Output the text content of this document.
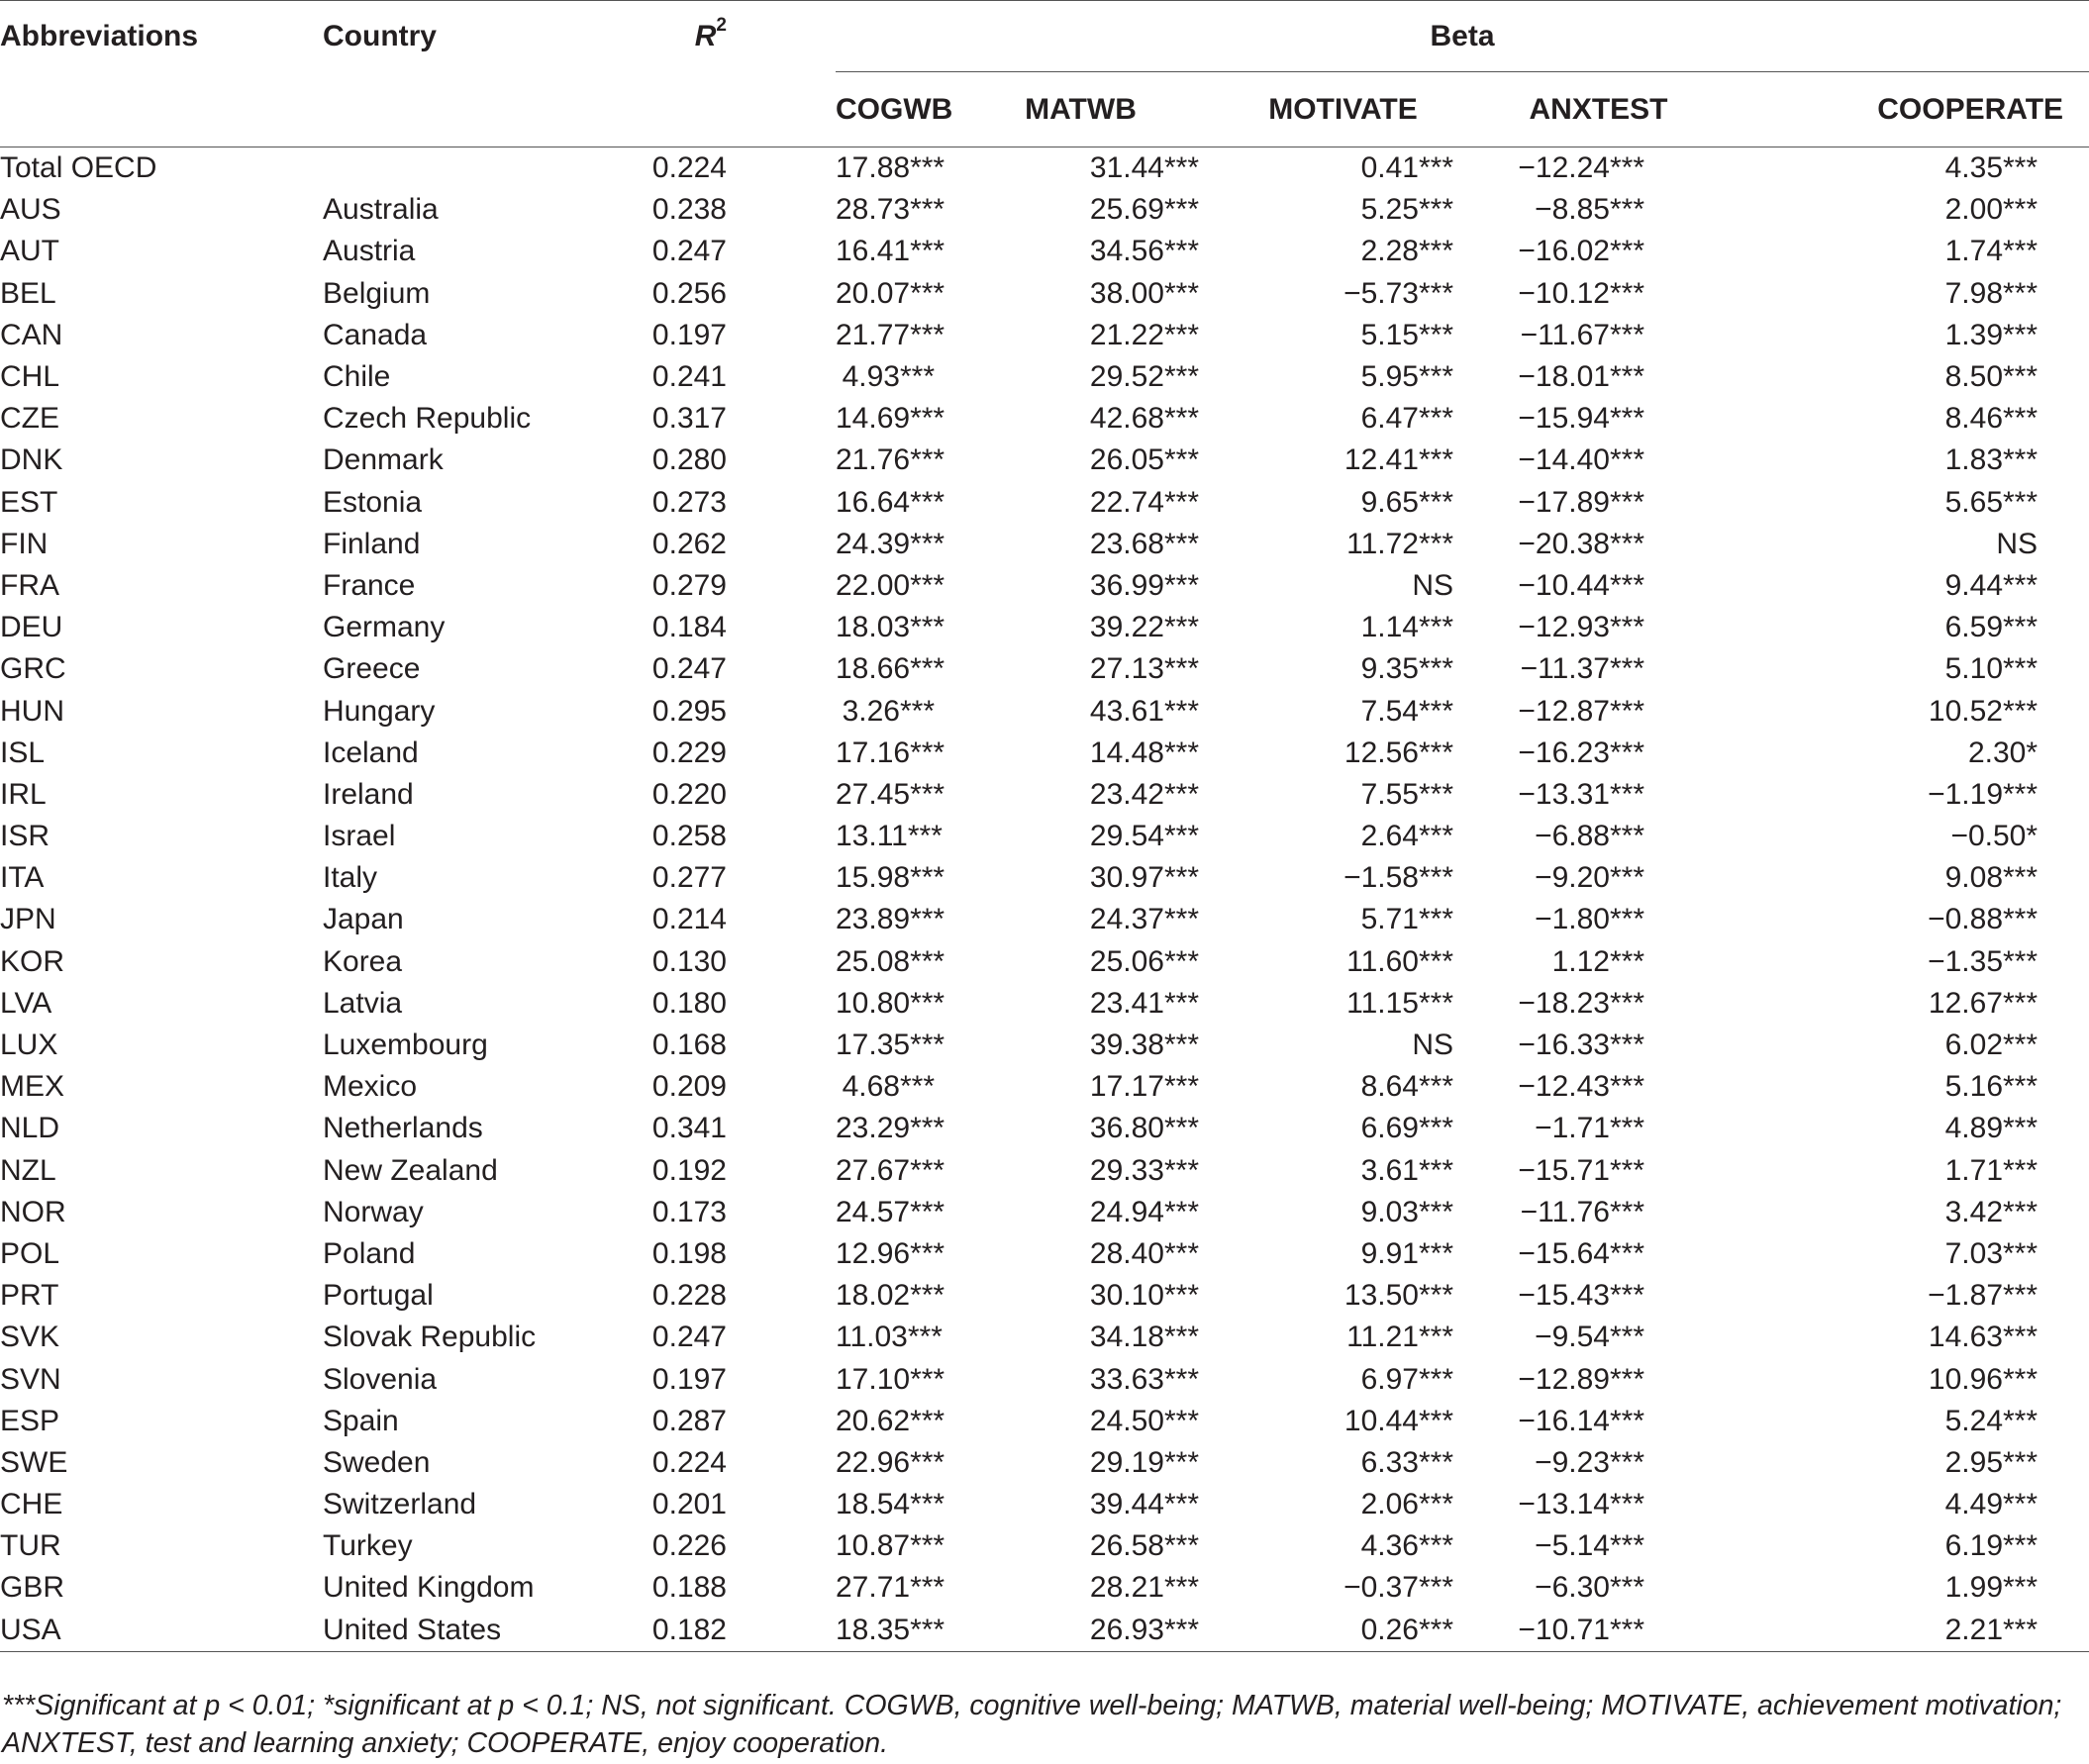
Abbreviations	Country	$R^2$		Beta				
				COGWB	MATWB	MOTIVATE	ANXTEST	COOPERATE
Total OECD		0.224		17.88***	31.44***	0.41***	−12.24***	4.35***
AUS	Australia	0.238		28.73***	25.69***	5.25***	−8.85***	2.00***
AUT	Austria	0.247		16.41***	34.56***	2.28***	−16.02***	1.74***
BEL	Belgium	0.256		20.07***	38.00***	−5.73***	−10.12***	7.98***
CAN	Canada	0.197		21.77***	21.22***	5.15***	−11.67***	1.39***
CHL	Chile	0.241		4.93***	29.52***	5.95***	−18.01***	8.50***
CZE	Czech Republic	0.317		14.69***	42.68***	6.47***	−15.94***	8.46***
DNK	Denmark	0.280		21.76***	26.05***	12.41***	−14.40***	1.83***
EST	Estonia	0.273		16.64***	22.74***	9.65***	−17.89***	5.65***
FIN	Finland	0.262		24.39***	23.68***	11.72***	−20.38***	NS
FRA	France	0.279		22.00***	36.99***	NS	−10.44***	9.44***
DEU	Germany	0.184		18.03***	39.22***	1.14***	−12.93***	6.59***
GRC	Greece	0.247		18.66***	27.13***	9.35***	−11.37***	5.10***
HUN	Hungary	0.295		3.26***	43.61***	7.54***	−12.87***	10.52***
ISL	Iceland	0.229		17.16***	14.48***	12.56***	−16.23***	2.30*
IRL	Ireland	0.220		27.45***	23.42***	7.55***	−13.31***	−1.19***
ISR	Israel	0.258		13.11***	29.54***	2.64***	−6.88***	−0.50*
ITA	Italy	0.277		15.98***	30.97***	−1.58***	−9.20***	9.08***
JPN	Japan	0.214		23.89***	24.37***	5.71***	−1.80***	−0.88***
KOR	Korea	0.130		25.08***	25.06***	11.60***	1.12***	−1.35***
LVA	Latvia	0.180		10.80***	23.41***	11.15***	−18.23***	12.67***
LUX	Luxembourg	0.168		17.35***	39.38***	NS	−16.33***	6.02***
MEX	Mexico	0.209		4.68***	17.17***	8.64***	−12.43***	5.16***
NLD	Netherlands	0.341		23.29***	36.80***	6.69***	−1.71***	4.89***
NZL	New Zealand	0.192		27.67***	29.33***	3.61***	−15.71***	1.71***
NOR	Norway	0.173		24.57***	24.94***	9.03***	−11.76***	3.42***
POL	Poland	0.198		12.96***	28.40***	9.91***	−15.64***	7.03***
PRT	Portugal	0.228		18.02***	30.10***	13.50***	−15.43***	−1.87***
SVK	Slovak Republic	0.247		11.03***	34.18***	11.21***	−9.54***	14.63***
SVN	Slovenia	0.197		17.10***	33.63***	6.97***	−12.89***	10.96***
ESP	Spain	0.287		20.62***	24.50***	10.44***	−16.14***	5.24***
SWE	Sweden	0.224		22.96***	29.19***	6.33***	−9.23***	2.95***
CHE	Switzerland	0.201		18.54***	39.44***	2.06***	−13.14***	4.49***
TUR	Turkey	0.226		10.87***	26.58***	4.36***	−5.14***	6.19***
GBR	United Kingdom	0.188		27.71***	28.21***	−0.37***	−6.30***	1.99***
USA	United States	0.182		18.35***	26.93***	0.26***	−10.71***	2.21***
***Significant at p < 0.01; *significant at p < 0.1; NS, not significant. COGWB, cognitive well-being; MATWB, material well-being; MOTIVATE, achievement motivation; ANXTEST, test and learning anxiety; COOPERATE, enjoy cooperation.
